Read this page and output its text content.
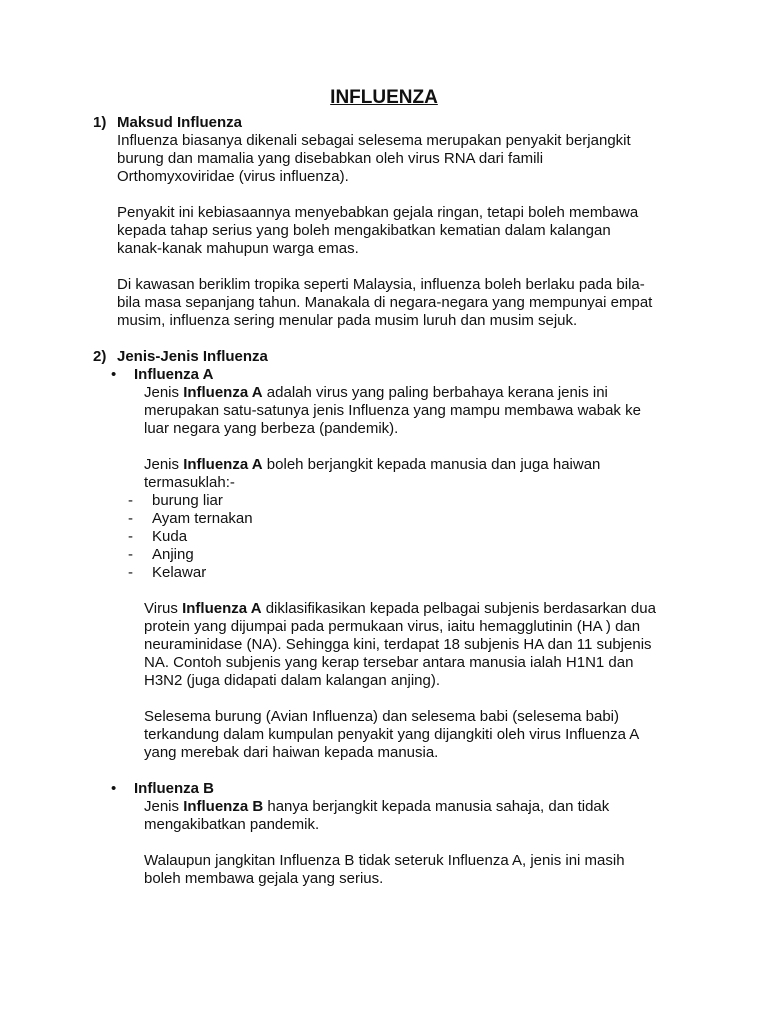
INFLUENZA
1) Maksud Influenza

Influenza biasanya dikenali sebagai selesema merupakan penyakit berjangkit
burung dan mamalia yang disebabkan oleh virus RNA dari famili
Orthomyxoviridae (virus influenza).

Penyakit ini kebiasaannya menyebabkan gejala ringan, tetapi boleh membawa
kepada tahap serius yang boleh mengakibatkan kematian dalam kalangan
kanak-kanak mahupun warga emas.

Di kawasan beriklim tropika seperti Malaysia, influenza boleh berlaku pada bila-
bila masa sepanjang tahun. Manakala di negara-negara yang mempunyai empat
musim, influenza sering menular pada musim luruh dan musim sejuk.

2) Jenis-Jenis Influenza
• Influenza A

Jenis Influenza A adalah virus yang paling berbahaya kerana jenis ini
merupakan satu-satunya jenis Influenza yang mampu membawa wabak ke
luar negara yang berbeza (pandemik).

Jenis Influenza A boleh berjangkit kepada manusia dan juga haiwan
termasuklah:-

- burung liar
- Ayam ternakan
- Kuda
- Anjing
- Kelawar

Virus Influenza A diklasifikasikan kepada pelbagai subjenis berdasarkan dua
protein yang dijumpai pada permukaan virus, iaitu hemagglutinin (HA ) dan
neuraminidase (NA). Sehingga kini, terdapat 18 subjenis HA dan 11 subjenis
NA. Contoh subjenis yang kerap tersebar antara manusia ialah H1N1 dan
H3N2 (juga didapati dalam kalangan anjing).

Selesema burung (Avian Influenza) dan selesema babi (selesema babi)
terkandung dalam kumpulan penyakit yang dijangkiti oleh virus Influenza A
yang merebak dari haiwan kepada manusia.

• Influenza B

Jenis Influenza B hanya berjangkit kepada manusia sahaja, dan tidak
mengakibatkan pandemik.

Walaupun jangkitan Influenza B tidak seteruk Influenza A, jenis ini masih
boleh membawa gejala yang serius.
